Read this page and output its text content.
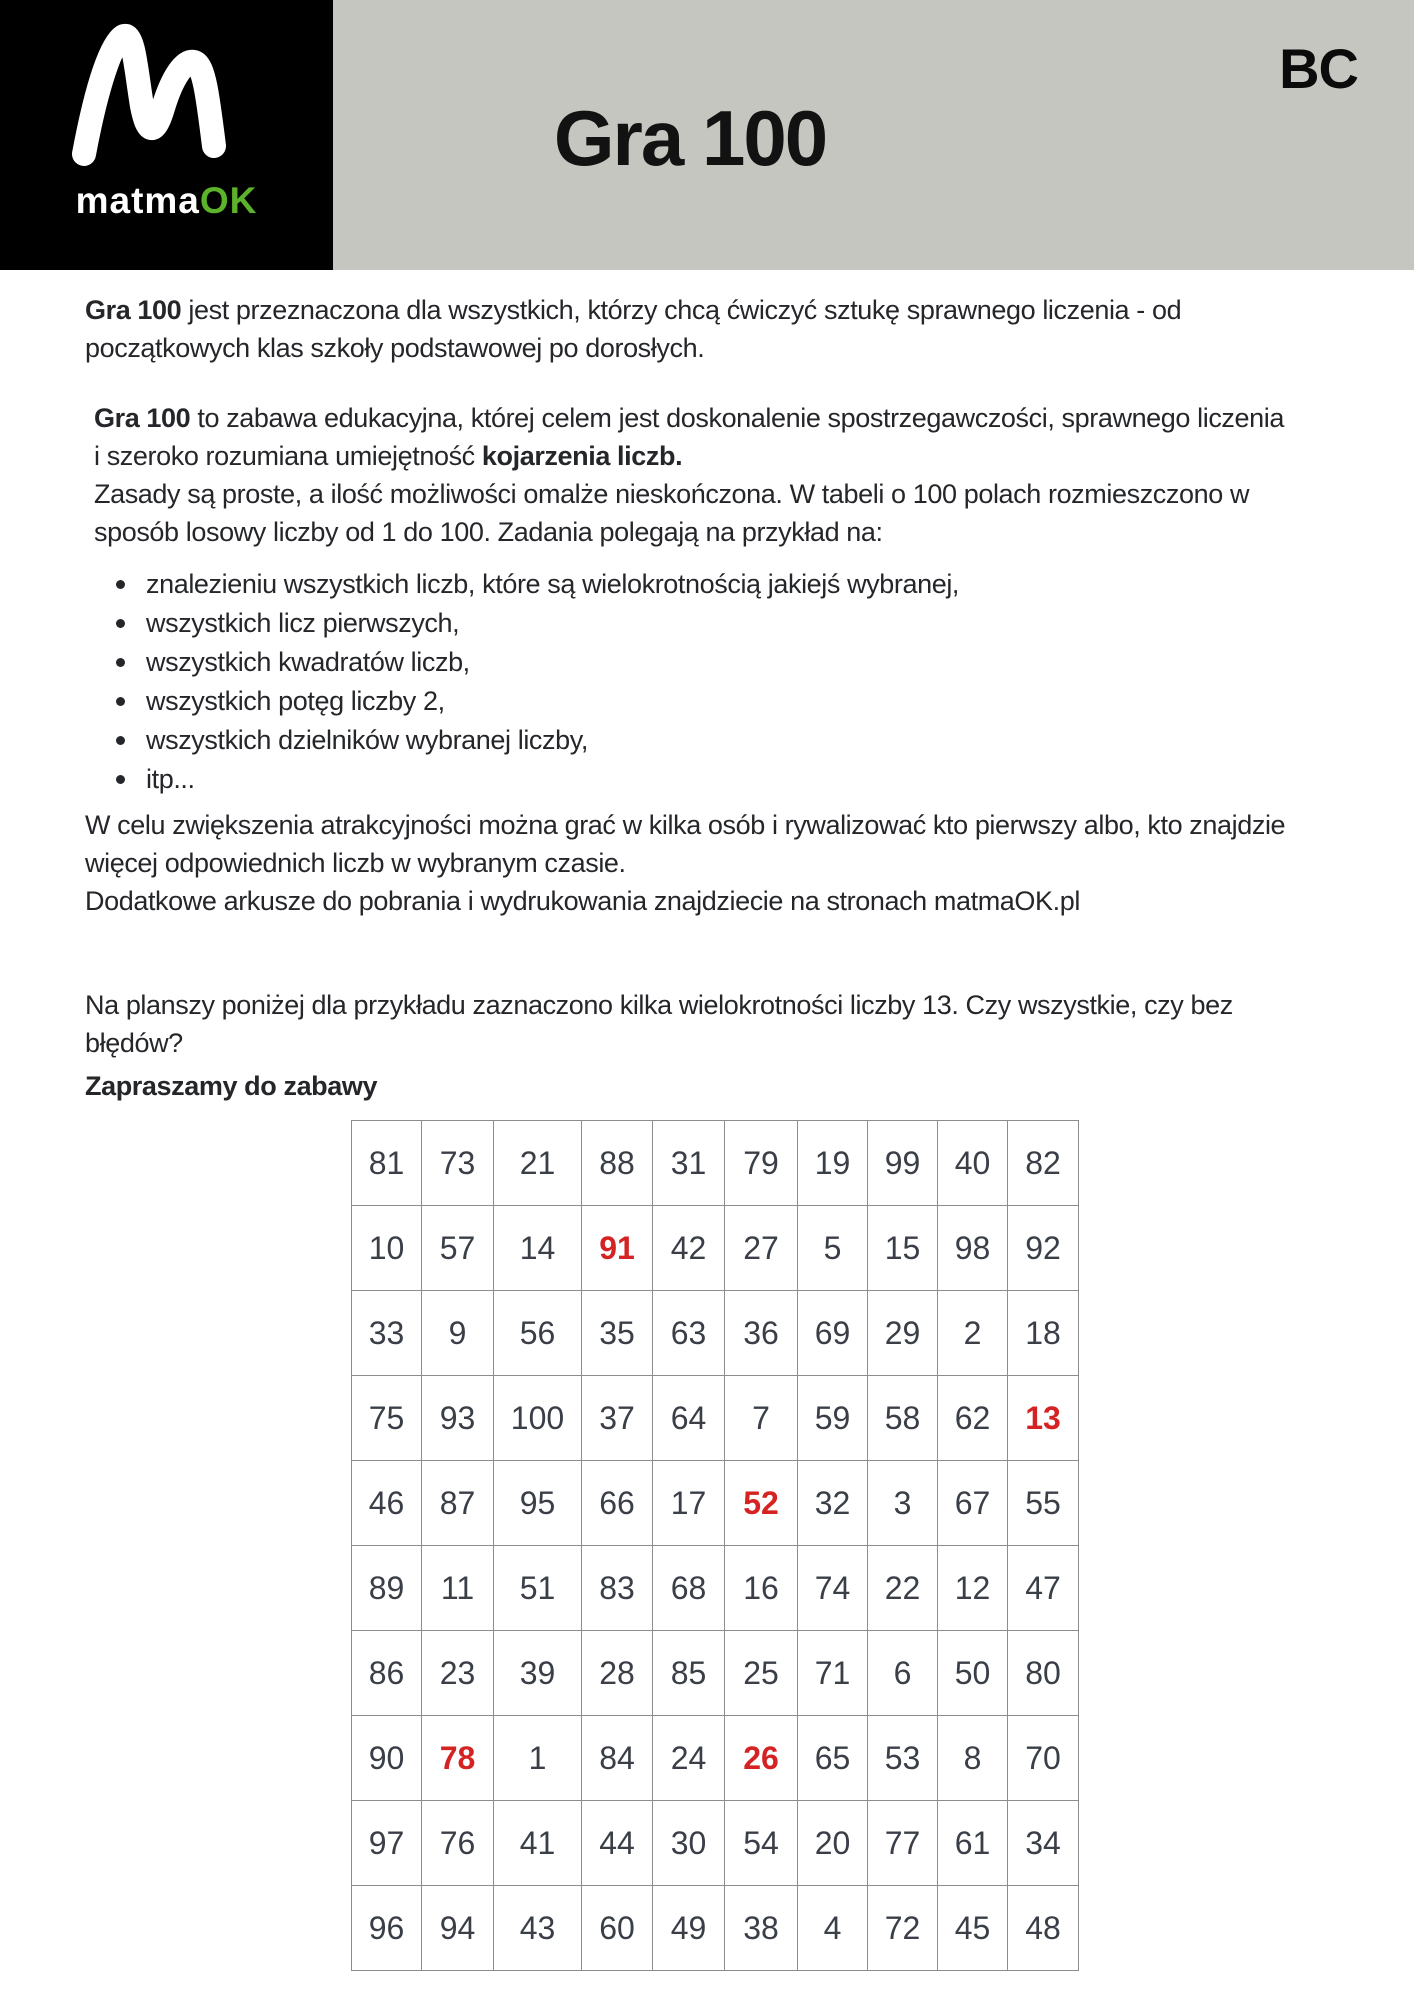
matmaOK
Gra 100
BC
Gra 100 jest przeznaczona dla wszystkich, którzy chcą ćwiczyć sztukę sprawnego liczenia - od
początkowych klas szkoły podstawowej po dorosłych.
Gra 100 to zabawa edukacyjna, której celem jest doskonalenie spostrzegawczości, sprawnego liczenia
i szeroko rozumiana umiejętność kojarzenia liczb.
Zasady są proste, a ilość możliwości omalże nieskończona. W tabeli o 100 polach rozmieszczono w
sposób losowy liczby od 1 do 100. Zadania polegają na przykład na:
znalezieniu wszystkich liczb, które są wielokrotnością jakiejś wybranej,
wszystkich licz pierwszych,
wszystkich kwadratów liczb,
wszystkich potęg liczby 2,
wszystkich dzielników wybranej liczby,
itp...
W celu zwiększenia atrakcyjności można grać w kilka osób i rywalizować kto pierwszy albo, kto znajdzie
więcej odpowiednich liczb w wybranym czasie.
Dodatkowe arkusze do pobrania i wydrukowania znajdziecie na stronach matmaOK.pl
Na planszy poniżej dla przykładu zaznaczono kilka wielokrotności liczby 13. Czy wszystkie, czy bez
błędów?
Zapraszamy do zabawy
81	73	21	88	31	79	19	99	40	82
10	57	14	91	42	27	5	15	98	92
33	9	56	35	63	36	69	29	2	18
75	93	100	37	64	7	59	58	62	13
46	87	95	66	17	52	32	3	67	55
89	11	51	83	68	16	74	22	12	47
86	23	39	28	85	25	71	6	50	80
90	78	1	84	24	26	65	53	8	70
97	76	41	44	30	54	20	77	61	34
96	94	43	60	49	38	4	72	45	48
